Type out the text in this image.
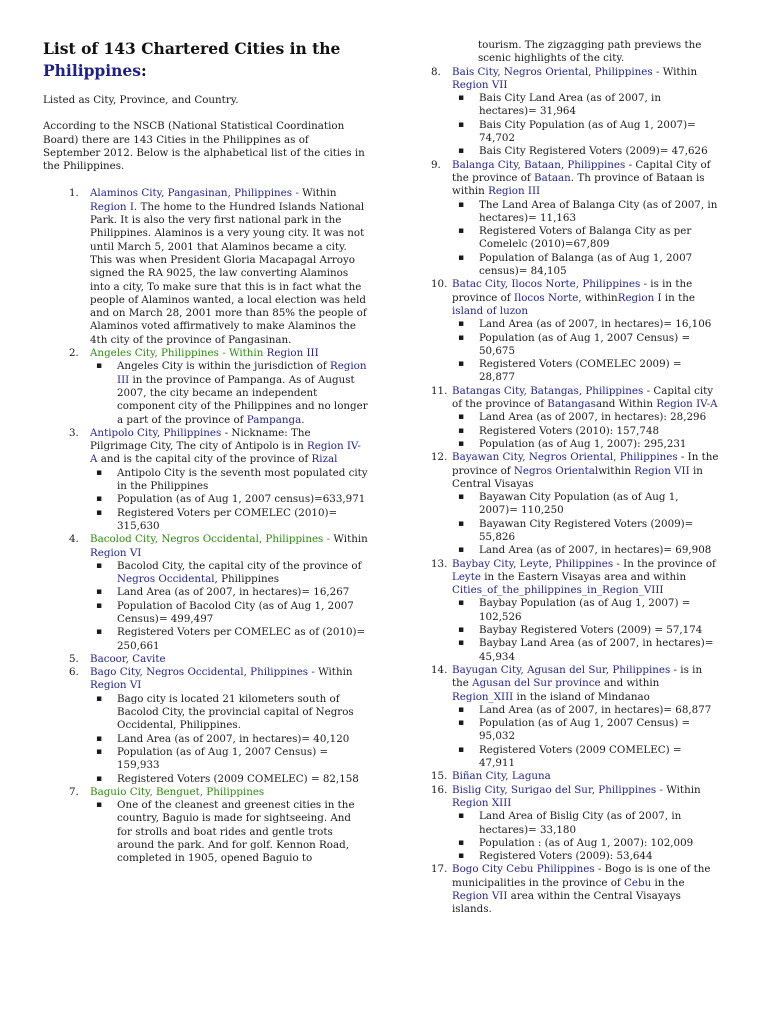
List of 143 Chartered Cities in the Philippines:

Listed as City, Province, and Country.

According to the NSCB (National Statistical Coordination Board) there are 143 Cities in the Philippines as of September 2012. Below is the alphabetical list of the cities in the Philippines.

1. Alaminos City, Pangasinan, Philippines - Within Region I. The home to the Hundred Islands National Park. It is also the very first national park in the Philippines. Alaminos is a very young city. It was not until March 5, 2001 that Alaminos became a city. This was when President Gloria Macapagal Arroyo signed the RA 9025, the law converting Alaminos into a city, To make sure that this is in fact what the people of Alaminos wanted, a local election was held and on March 28, 2001 more than 85% the people of Alaminos voted affirmatively to make Alaminos the 4th city of the province of Pangasinan.
2. Angeles City, Philippines - Within Region III
▪ Angeles City is within the jurisdiction of Region III in the province of Pampanga. As of August 2007, the city became an independent component city of the Philippines and no longer a part of the province of Pampanga.
3. Antipolo City, Philippines - Nickname: The Pilgrimage City, The city of Antipolo is in Region IV-A and is the capital city of the province of Rizal
▪ Antipolo City is the seventh most populated city in the Philippines
▪ Population (as of Aug 1, 2007 census)=633,971
▪ Registered Voters per COMELEC (2010)= 315,630
4. Bacolod City, Negros Occidental, Philippines - Within Region VI
▪ Bacolod City, the capital city of the province of Negros Occidental, Philippines
▪ Land Area (as of 2007, in hectares)= 16,267
▪ Population of Bacolod City (as of Aug 1, 2007 Census)= 499,497
▪ Registered Voters per COMELEC as of (2010)= 250,661
5. Bacoor, Cavite
6. Bago City, Negros Occidental, Philippines - Within Region VI
▪ Bago city is located 21 kilometers south of Bacolod City, the provincial capital of Negros Occidental, Philippines.
▪ Land Area (as of 2007, in hectares)= 40,120
▪ Population (as of Aug 1, 2007 Census) = 159,933
▪ Registered Voters (2009 COMELEC) = 82,158
7. Baguio City, Benguet, Philippines
▪ One of the cleanest and greenest cities in the country, Baguio is made for sightseeing. And for strolls and boat rides and gentle trots around the park. And for golf. Kennon Road, completed in 1905, opened Baguio to

tourism. The zigzagging path previews the scenic highlights of the city.

8. Bais City, Negros Oriental, Philippines - Within Region VII
▪ Bais City Land Area (as of 2007, in hectares)= 31,964
▪ Bais City Population (as of Aug 1, 2007)= 74,702
▪ Bais City Registered Voters (2009)= 47,626
9. Balanga City, Bataan, Philippines - Capital City of the province of Bataan. Th province of Bataan is within Region III
▪ The Land Area of Balanga City (as of 2007, in hectares)= 11,163
▪ Registered Voters of Balanga City as per Comelelc (2010)=67,809
▪ Population of Balanga (as of Aug 1, 2007 census)= 84,105
10. Batac City, Ilocos Norte, Philippines - is in the province of Ilocos Norte, withinRegion I in the island of luzon
▪ Land Area (as of 2007, in hectares)= 16,106
▪ Population (as of Aug 1, 2007 Census) = 50,675
▪ Registered Voters (COMELEC 2009) = 28,877
11. Batangas City, Batangas, Philippines - Capital city of the province of Batangasand Within Region IV-A
▪ Land Area (as of 2007, in hectares): 28,296
▪ Registered Voters (2010): 157,748
▪ Population (as of Aug 1, 2007): 295,231
12. Bayawan City, Negros Oriental, Philippines - In the province of Negros Orientalwithin Region VII in Central Visayas
▪ Bayawan City Population (as of Aug 1, 2007)= 110,250
▪ Bayawan City Registered Voters (2009)= 55,826
▪ Land Area (as of 2007, in hectares)= 69,908
13. Baybay City, Leyte, Philippines - In the province of Leyte in the Eastern Visayas area and within Cities_of_the_philippines_in_Region_VIII
▪ Baybay Population (as of Aug 1, 2007) = 102,526
▪ Baybay Registered Voters (2009) = 57,174
▪ Baybay Land Area (as of 2007, in hectares)= 45,934
14. Bayugan City, Agusan del Sur, Philippines - is in the Agusan del Sur province and within Region_XIII in the island of Mindanao
▪ Land Area (as of 2007, in hectares)= 68,877
▪ Population (as of Aug 1, 2007 Census) = 95,032
▪ Registered Voters (2009 COMELEC) = 47,911
15. Biñan City, Laguna
16. Bislig City, Surigao del Sur, Philippines - Within Region XIII
▪ Land Area of Bislig City (as of 2007, in hectares)= 33,180
▪ Population : (as of Aug 1, 2007): 102,009
▪ Registered Voters (2009): 53,644
17. Bogo City Cebu Philippines - Bogo is is one of the municipalities in the province of Cebu in the Region VII area within the Central Visayays islands.
